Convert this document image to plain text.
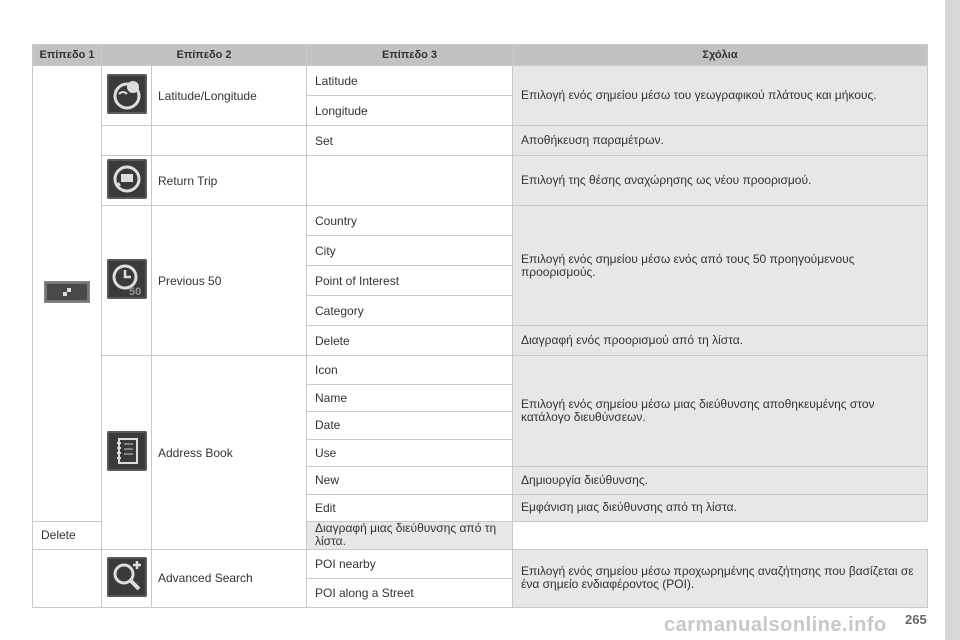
Επίπεδο 1	Επίπεδο 2		Επίπεδο 3	Σχόλια

	Latitude/Longitude	Latitude	Επιλογή ενός σημείου μέσω του γεωγραφικού πλάτους και μήκους.
			Longitude	
			Set	Αποθήκευση παραμέτρων.

	Return Trip		Επιλογή της θέσης αναχώρησης ως νέου προορισμού.

50	Previous 50	Country	Επιλογή ενός σημείου μέσω ενός από τους 50 προηγούμενους προορισμούς.
			City	
			Point of Interest	
			Category	
			Delete	Διαγραφή ενός προορισμού από τη λίστα.

	Address Book	Icon	Επιλογή ενός σημείου μέσω μιας διεύθυνσης αποθηκευμένης στον κατάλογο διευθύνσεων.
			Name	
			Date	
			Use	
			New	Δημιουργία διεύθυνσης.
			Edit	Εμφάνιση μιας διεύθυνσης από τη λίστα.
Delete			Διαγραφή μιας διεύθυνσης από τη λίστα.	

	Advanced Search	POI nearby	Επιλογή ενός σημείου μέσω προχωρημένης αναζήτησης που βασίζεται σε ένα σημείο ενδιαφέροντος (POI).
			POI along a Street	
carmanualsonline.info 265
